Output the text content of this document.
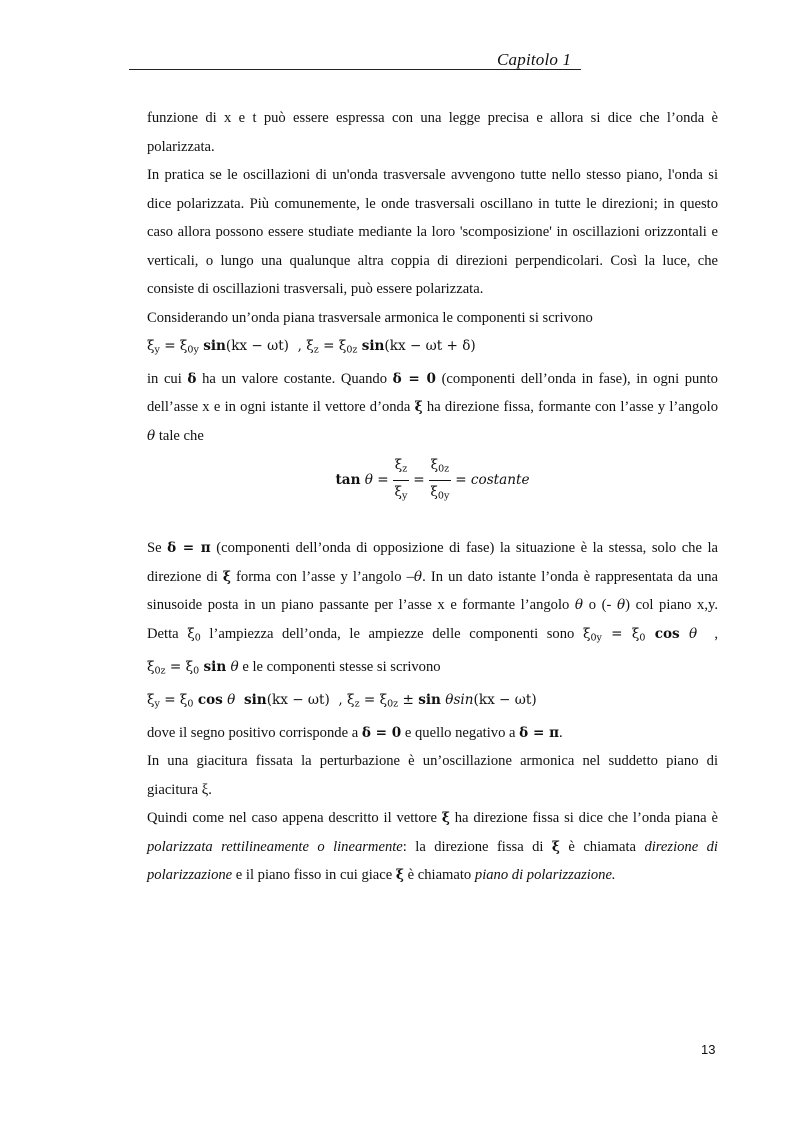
Capitolo 1

funzione di x e t può essere espressa con una legge precisa e allora si dice che l’onda è polarizzata.

In pratica se le oscillazioni di un'onda trasversale avvengono tutte nello stesso piano, l'onda si dice polarizzata. Più comunemente, le onde trasversali oscillano in tutte le direzioni; in questo caso allora possono essere studiate mediante la loro 'scomposizione' in oscillazioni orizzontali e verticali, o lungo una qualunque altra coppia di direzioni perpendicolari. Così la luce, che consiste di oscillazioni trasversali, può essere polarizzata.

Considerando un’onda piana trasversale armonica le componenti si scrivono

$\xi_y = \xi_{0y}$ sin(kx − ωt)  , $\xi_z = \xi_{0z}$ sin(kx − ωt + δ)

in cui δ ha un valore costante. Quando δ = 0 (componenti dell’onda in fase), in ogni punto dell’asse x e in ogni istante il vettore d’onda ξ ha direzione fissa, formante con l’asse y l’angolo θ tale che

$\tan \theta = \frac{\xi_z}{\xi_y} = \frac{\xi_{0z}}{\xi_{0y}}$ = costante

Se δ = π (componenti dell’onda di opposizione di fase) la situazione è la stessa, solo che la direzione di ξ forma con l’asse y l’angolo –θ. In un dato istante l’onda è rappresentata da una sinusoide posta in un piano passante per l’asse x e formante l’angolo θ o (- θ) col piano x,y. Detta $\xi_0$ l’ampiezza dell’onda, le ampiezze delle componenti sono $\xi_{0y} = \xi_0$ cos θ  , $\xi_{0z} = \xi_0$ sin θ e le componenti stesse si scrivono

$\xi_y = \xi_0$ cos θ sin(kx − ωt)  , $\xi_z = \xi_{0z} \pm \sin \theta\sin(kx - \omega t)$

dove il segno positivo corrisponde a δ = 0 e quello negativo a δ = π.

In una giacitura fissata la perturbazione è un’oscillazione armonica nel suddetto piano di giacitura ξ.

Quindi come nel caso appena descritto il vettore ξ ha direzione fissa si dice che l’onda piana è polarizzata rettilineamente o linearmente: la direzione fissa di ξ è chiamata direzione di polarizzazione e il piano fisso in cui giace ξ è chiamato piano di polarizzazione.

13
